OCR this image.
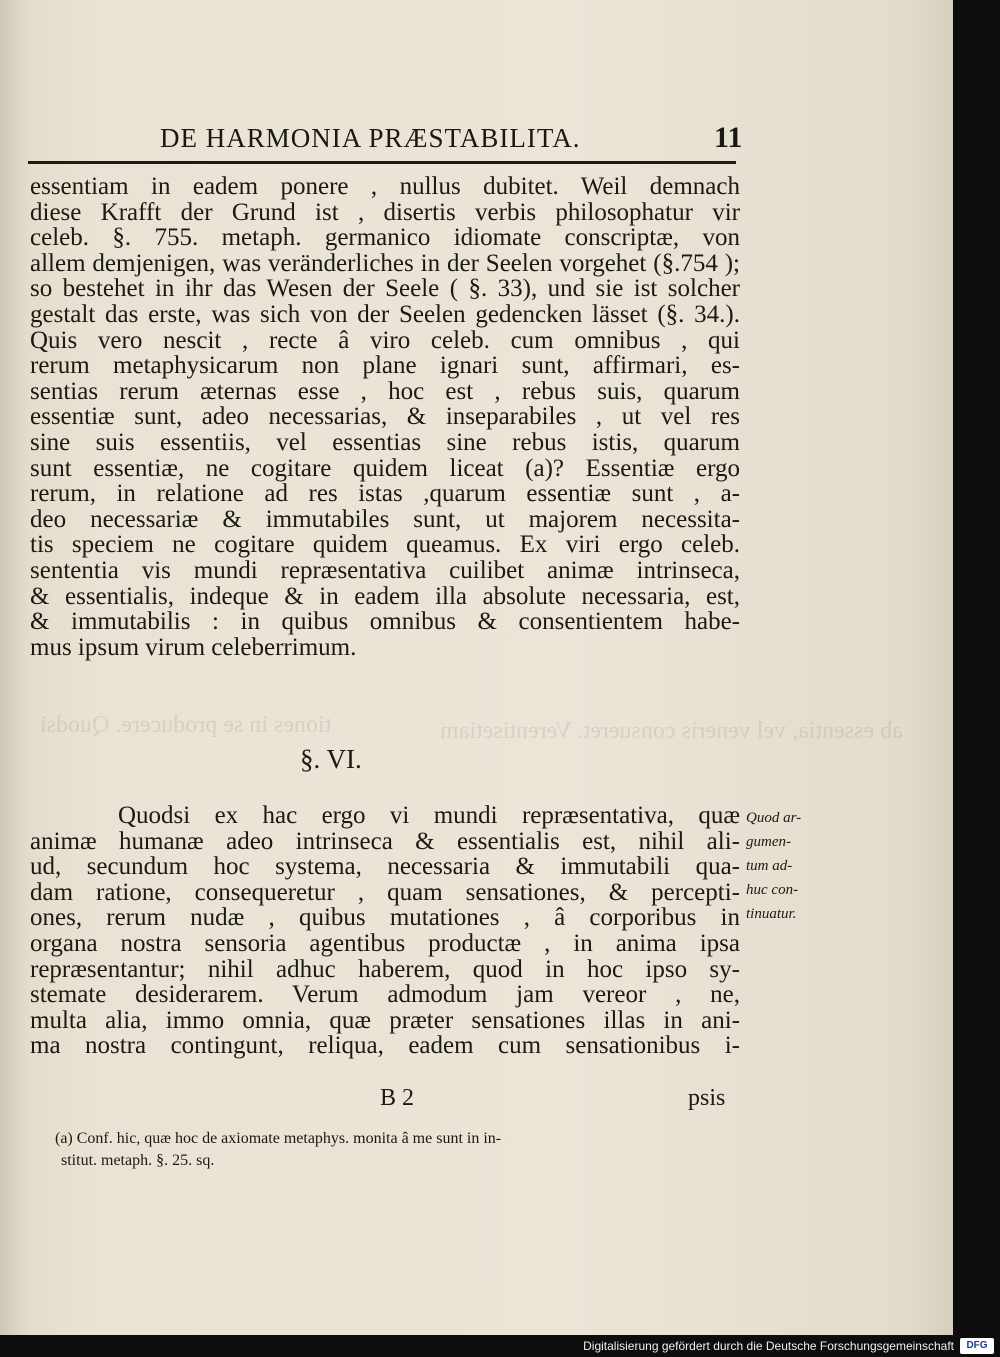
DE HARMONIA PRÆSTABILITA.	11
tiones in se producere. Quodsi	ab essentia, vel veneris consueret. Verentisetiam
essentiam in eadem ponere , nullus dubitet. Weil demnach
diese Krafft der Grund ist , disertis verbis philosophatur vir
celeb. §. 755. metaph. germanico idiomate conscriptæ, von
allem demjenigen, was veränderliches in der Seelen vorgehet (§.754 );
so bestehet in ihr das Wesen der Seele ( §. 33), und sie ist solcher
gestalt das erste, was sich von der Seelen gedencken lässet (§. 34.).
Quis vero nescit , recte â viro celeb. cum omnibus , qui
rerum metaphysicarum non plane ignari sunt, affirmari, es-
sentias rerum æternas esse , hoc est , rebus suis, quarum
essentiæ sunt, adeo necessarias, & inseparabiles , ut vel res
sine suis essentiis, vel essentias sine rebus istis, quarum
sunt essentiæ, ne cogitare quidem liceat (a)? Essentiæ ergo
rerum, in relatione ad res istas ,quarum essentiæ sunt , a-
deo necessariæ & immutabiles sunt, ut majorem necessita-
tis speciem ne cogitare quidem queamus. Ex viri ergo celeb.
sententia vis mundi repræsentativa cuilibet animæ intrinseca,
& essentialis, indeque & in eadem illa absolute necessaria, est,
& immutabilis : in quibus omnibus & consentientem habe-
mus ipsum virum celeberrimum.
§. VI.
Quodsi ex hac ergo vi mundi repræsentativa, quæ
animæ humanæ adeo intrinseca & essentialis est, nihil ali-
ud, secundum hoc systema, necessaria & immutabili qua-
dam ratione, consequeretur , quam sensationes, & percepti-
ones, rerum nudæ , quibus mutationes , â corporibus in
organa nostra sensoria agentibus productæ , in anima ipsa
repræsentantur; nihil adhuc haberem, quod in hoc ipso sy-
stemate desiderarem. Verum admodum jam vereor , ne,
multa alia, immo omnia, quæ præter sensationes illas in ani-
ma nostra contingunt, reliqua, eadem cum sensationibus i-
Quod ar-
gumen-
tum ad-
huc con-
tinuatur.
B 2	psis
(a) Conf. hic, quæ hoc de axiomate metaphys. monita â me sunt in in-
stitut. metaph. §. 25. sq.
Digitalisierung gefördert durch die Deutsche Forschungsgemeinschaft	DFG
